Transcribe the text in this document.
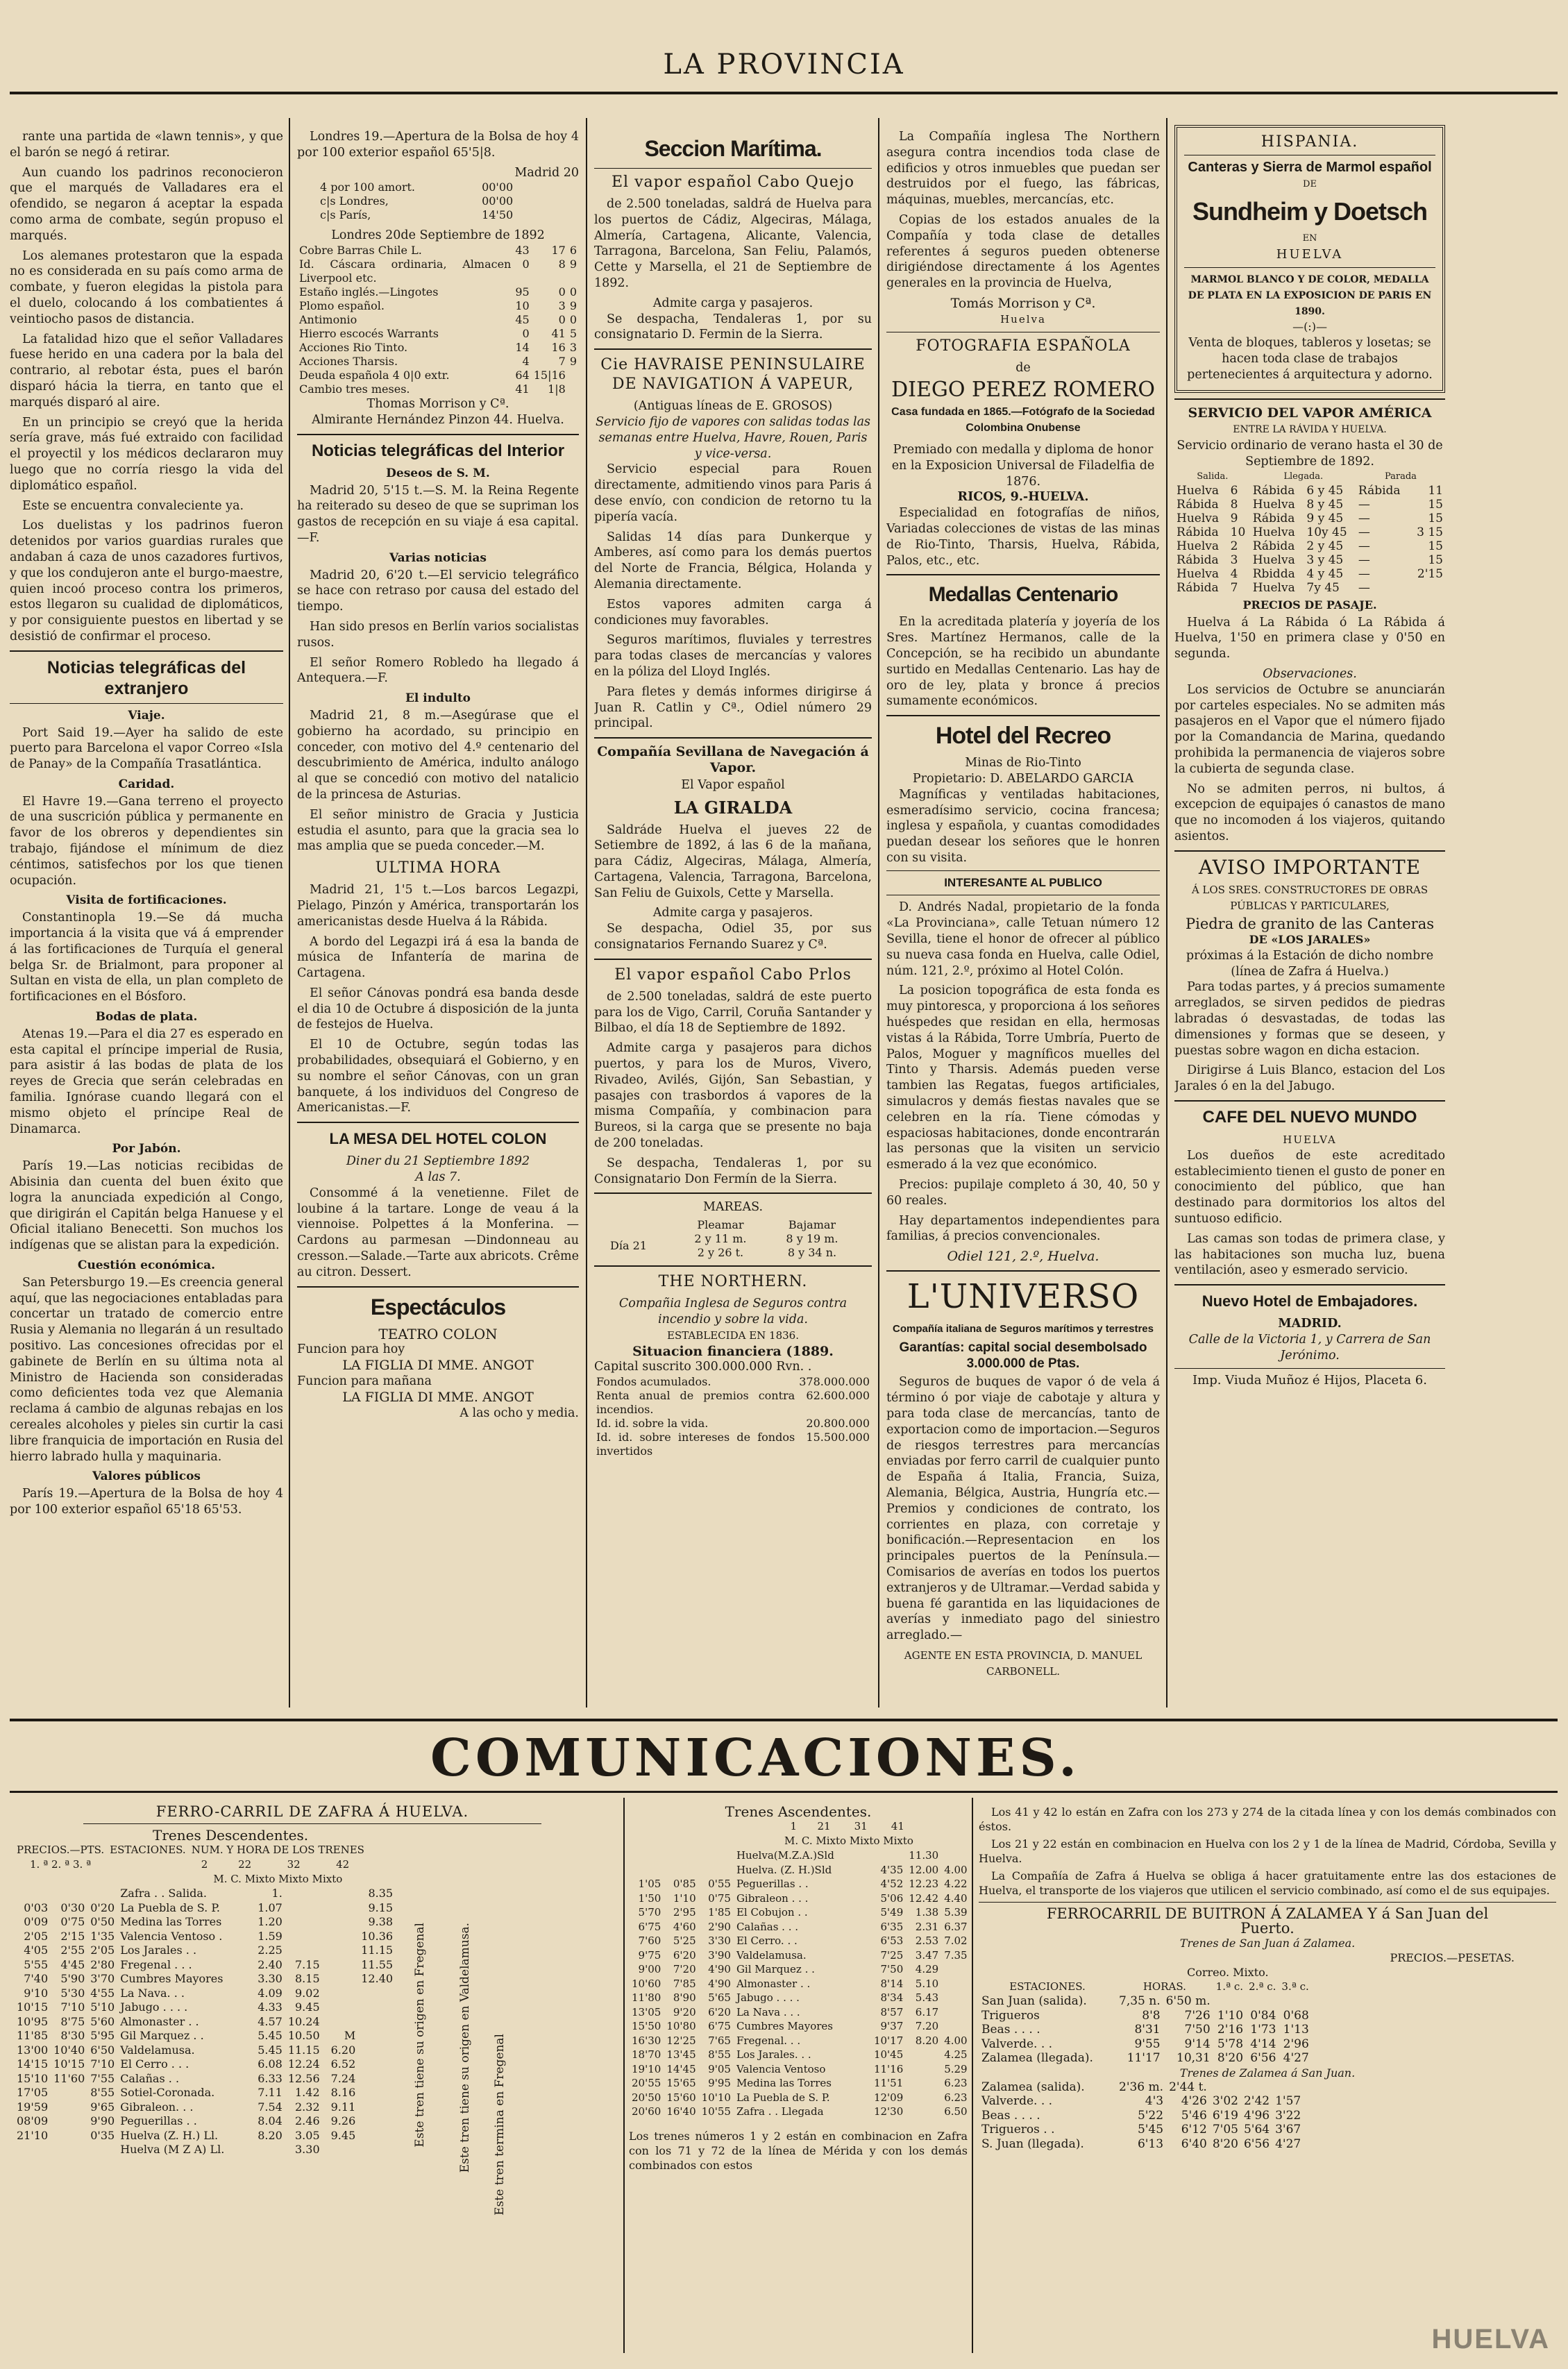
LA PROVINCIA

rante una partida de «lawn tennis», y que el barón se negó á retirar.

Aun cuando los padrinos reconocieron que el marqués de Valladares era el ofendido, se negaron á aceptar la espada como arma de combate, según propuso el marqués.

Los alemanes protestaron que la espada no es considerada en su país como arma de combate, y fueron elegidas la pistola para el duelo, colocando á los combatientes á veintiocho pasos de distancia.

La fatalidad hizo que el señor Valladares fuese herido en una cadera por la bala del contrario, al rebotar ésta, pues el barón disparó hácia la tierra, en tanto que el marqués disparó al aire.

En un principio se creyó que la herida sería grave, más fué extraido con facilidad el proyectil y los médicos declararon muy luego que no corría riesgo la vida del diplomático español.

Este se encuentra convaleciente ya.

Los duelistas y los padrinos fueron detenidos por varios guardias rurales que andaban á caza de unos cazadores furtivos, y que los condujeron ante el burgo-maestre, quien incoó proceso contra los primeros, estos llegaron su cualidad de diplomáticos, y por consiguiente puestos en libertad y se desistió de confirmar el proceso.

Noticias telegráficas del extranjero
Viaje.

Port Said 19.—Ayer ha salido de este puerto para Barcelona el vapor Correo «Isla de Panay» de la Compañía Trasatlántica.

Caridad.

El Havre 19.—Gana terreno el proyecto de una suscrición pública y permanente en favor de los obreros y dependientes sin trabajo, fijándose el mínimum de diez céntimos, satisfechos por los que tienen ocupación.

Visita de fortificaciones.

Constantinopla 19.—Se dá mucha importancia á la visita que vá á emprender á las fortificaciones de Turquía el general belga Sr. de Brialmont, para proponer al Sultan en vista de ella, un plan completo de fortificaciones en el Bósforo.

Bodas de plata.

Atenas 19.—Para el dia 27 es esperado en esta capital el príncipe imperial de Rusia, para asistir á las bodas de plata de los reyes de Grecia que serán celebradas en familia. Ignórase cuando llegará con el mismo objeto el príncipe Real de Dinamarca.

Por Jabón.

París 19.—Las noticias recibidas de Abisinia dan cuenta del buen éxito que logra la anunciada expedición al Congo, que dirigirán el Capitán belga Hanuese y el Oficial italiano Benecetti. Son muchos los indígenas que se alistan para la expedición.

Cuestión económica.

San Petersburgo 19.—Es creencia general aquí, que las negociaciones entabladas para concertar un tratado de comercio entre Rusia y Alemania no llegarán á un resultado positivo. Las concesiones ofrecidas por el gabinete de Berlín en su última nota al Ministro de Hacienda son consideradas como deficientes toda vez que Alemania reclama á cambio de algunas rebajas en los cereales alcoholes y pieles sin curtir la casi libre franquicia de importación en Rusia del hierro labrado hulla y maquinaria.

Valores públicos

París 19.—Apertura de la Bolsa de hoy 4 por 100 exterior español 65'18 65'53.

Londres 19.—Apertura de la Bolsa de hoy 4 por 100 exterior español 65'5|8.

Madrid 20
4 por 100 amort.	00'00
c|s Londres,	00'00
c|s París,	14'50
Londres 20de Septiembre de 1892
Cobre Barras Chile L.	43	17	6
Id. Cáscara ordinaria, Almacen Liverpool etc.	0	8	9
Estaño inglés.—Lingotes	95	0	0
Plomo español.	10	3	9
Antimonio	45	0	0
Hierro escocés Warrants	0	41	5
Acciones Rio Tinto.	14	16	3
Acciones Tharsis.	4	7	9
Deuda española 4 0|0 extr.	64	15|16	
Cambio tres meses.	41	1|8	
Thomas Morrison y Cª.
Almirante Hernández Pinzon 44. Huelva.
Noticias telegráficas del Interior
Deseos de S. M.

Madrid 20, 5'15 t.—S. M. la Reina Regente ha reiterado su deseo de que se supriman los gastos de recepción en su viaje á esa capital.—F.

Varias noticias

Madrid 20, 6'20 t.—El servicio telegráfico se hace con retraso por causa del estado del tiempo.

Han sido presos en Berlín varios socialistas rusos.

El señor Romero Robledo ha llegado á Antequera.—F.

El indulto

Madrid 21, 8 m.—Asegúrase que el gobierno ha acordado, su principio en conceder, con motivo del 4.º centenario del descubrimiento de América, indulto análogo al que se concedió con motivo del natalicio de la princesa de Asturias.

El señor ministro de Gracia y Justicia estudia el asunto, para que la gracia sea lo mas amplia que se pueda conceder.—M.

ULTIMA HORA

Madrid 21, 1'5 t.—Los barcos Legazpi, Pielago, Pinzón y América, transportarán los americanistas desde Huelva á la Rábida.

A bordo del Legazpi irá á esa la banda de música de Infantería de marina de Cartagena.

El señor Cánovas pondrá esa banda desde el dia 10 de Octubre á disposición de la junta de festejos de Huelva.

El 10 de Octubre, según todas las probabilidades, obsequiará el Gobierno, y en su nombre el señor Cánovas, con un gran banquete, á los individuos del Congreso de Americanistas.—F.

LA MESA DEL HOTEL COLON
Diner du 21 Septiembre 1892
A las 7.

Consommé á la venetienne. Filet de loubine á la tartare. Longe de veau á la viennoise. Polpettes á la Monferina. —Cardons au parmesan —Dindonneau au cresson.—Salade.—Tarte aux abricots. Crême au citron. Dessert.

Espectáculos
TEATRO COLON
Funcion para hoy
LA FIGLIA DI MME. ANGOT
Funcion para mañana
LA FIGLIA DI MME. ANGOT
A las ocho y media.
Seccion Marítima.
El vapor español Cabo Quejo

de 2.500 toneladas, saldrá de Huelva para los puertos de Cádiz, Algeciras, Málaga, Almería, Cartagena, Alicante, Valencia, Tarragona, Barcelona, San Feliu, Palamós, Cette y Marsella, el 21 de Septiembre de 1892.

Admite carga y pasajeros.

Se despacha, Tendaleras 1, por su consignatario D. Fermin de la Sierra.

Cie HAVRAISE PENINSULAIRE DE NAVIGATION Á VAPEUR,
(Antiguas líneas de E. GROSOS)
Servicio fijo de vapores con salidas todas las semanas entre Huelva, Havre, Rouen, Paris y vice-versa.

Servicio especial para Rouen directamente, admitiendo vinos para Paris á dese envío, con condicion de retorno tu la pipería vacía.

Salidas 14 días para Dunkerque y Amberes, así como para los demás puertos del Norte de Francia, Bélgica, Holanda y Alemania directamente.

Estos vapores admiten carga á condiciones muy favorables.

Seguros marítimos, fluviales y terrestres para todas clases de mercancías y valores en la póliza del Lloyd Inglés.

Para fletes y demás informes dirigirse á Juan R. Catlin y Cª., Odiel número 29 principal.

Compañía Sevillana de Navegación á Vapor.
El Vapor español
LA GIRALDA

Saldráde Huelva el jueves 22 de Setiembre de 1892, á las 6 de la mañana, para Cádiz, Algeciras, Málaga, Almería, Cartagena, Valencia, Tarragona, Barcelona, San Feliu de Guixols, Cette y Marsella.

Admite carga y pasajeros.

Se despacha, Odiel 35, por sus consignatarios Fernando Suarez y Cª.

El vapor español Cabo Prlos

de 2.500 toneladas, saldrá de este puerto para los de Vigo, Carril, Coruña Santander y Bilbao, el día 18 de Septiembre de 1892.

Admite carga y pasajeros para dichos puertos, y para los de Muros, Vivero, Rivadeo, Avilés, Gijón, San Sebastian, y pasajes con trasbordos á vapores de la misma Compañía, y combinacion para Bureos, si la carga que se presente no baja de 200 toneladas.

Se despacha, Tendaleras 1, por su Consignatario Don Fermín de la Sierra.

MAREAS.
	Pleamar	Bajamar
Día 21	2 y 11 m.	8 y 19 m.
	2 y 26 t.	8 y 34 n.
THE NORTHERN.
Compañia Inglesa de Seguros contra incendio y sobre la vida.
ESTABLECIDA EN 1836.
Situacion financiera (1889.
Capital suscrito 300.000.000 Rvn. .
Fondos acumulados.	378.000.000
Renta anual de premios contra incendios.	62.600.000
Id. id. sobre la vida.	20.800.000
Id. id. sobre intereses de fondos invertidos	15.500.000

La Compañía inglesa The Northern asegura contra incendios toda clase de edificios y otros inmuebles que puedan ser destruidos por el fuego, las fábricas, máquinas, muebles, mercancías, etc.

Copias de los estados anuales de la Compañía y toda clase de detalles referentes á seguros pueden obtenerse dirigiéndose directamente á los Agentes generales en la provincia de Huelva,

Tomás Morrison y Cª.
Huelva
FOTOGRAFIA ESPAÑOLA
de
DIEGO PEREZ ROMERO
Casa fundada en 1865.—Fotógrafo de la Sociedad Colombina Onubense
Premiado con medalla y diploma de honor en la Exposicion Universal de Filadelfia de 1876.
RICOS, 9.-HUELVA.

Especialidad en fotografías de niños, Variadas colecciones de vistas de las minas de Rio-Tinto, Tharsis, Huelva, Rábida, Palos, etc., etc.

Medallas Centenario

En la acreditada platería y joyería de los Sres. Martínez Hermanos, calle de la Concepción, se ha recibido un abundante surtido en Medallas Centenario. Las hay de oro de ley, plata y bronce á precios sumamente económicos.

Hotel del Recreo
Minas de Rio-Tinto
Propietario: D. ABELARDO GARCIA

Magníficas y ventiladas habitaciones, esmeradísimo servicio, cocina francesa; inglesa y española, y cuantas comodidades puedan desear los señores que le honren con su visita.

INTERESANTE AL PUBLICO

D. Andrés Nadal, propietario de la fonda «La Provinciana», calle Tetuan número 12 Sevilla, tiene el honor de ofrecer al público su nueva casa fonda en Huelva, calle Odiel, núm. 121, 2.º, próximo al Hotel Colón.

La posicion topográfica de esta fonda es muy pintoresca, y proporciona á los señores huéspedes que residan en ella, hermosas vistas á la Rábida, Torre Umbría, Puerto de Palos, Moguer y magníficos muelles del Tinto y Tharsis. Además pueden verse tambien las Regatas, fuegos artificiales, simulacros y demás fiestas navales que se celebren en la ría. Tiene cómodas y espaciosas habitaciones, donde encontrarán las personas que la visiten un servicio esmerado á la vez que económico.

Precios: pupilaje completo á 30, 40, 50 y 60 reales.

Hay departamentos independientes para familias, á precios convencionales.

Odiel 121, 2.º, Huelva.
L'UNIVERSO
Compañía italiana de Seguros marítimos y terrestres
Garantías: capital social desembolsado 3.000.000 de Ptas.

Seguros de buques de vapor ó de vela á término ó por viaje de cabotaje y altura y para toda clase de mercancías, tanto de exportacion como de importacion.—Seguros de riesgos terrestres para mercancías enviadas por ferro carril de cualquier punto de España á Italia, Francia, Suiza, Alemania, Bélgica, Austria, Hungría etc.—Premios y condiciones de contrato, los corrientes en plaza, con corretaje y bonificación.—Representacion en los principales puertos de la Península.—Comisarios de averías en todos los puertos extranjeros y de Ultramar.—Verdad sabida y buena fé garantida en las liquidaciones de averías y inmediato pago del siniestro arreglado.—

AGENTE EN ESTA PROVINCIA, D. MANUEL CARBONELL.
HISPANIA.
Canteras y Sierra de Marmol español
DE
Sundheim y Doetsch
EN
HUELVA
MARMOL BLANCO Y DE COLOR, MEDALLA DE PLATA EN LA EXPOSICION DE PARIS EN 1890.
—(:)—
Venta de bloques, tableros y losetas; se hacen toda clase de trabajos pertenecientes á arquitectura y adorno.
SERVICIO DEL VAPOR AMÉRICA
ENTRE LA RÁVIDA Y HUELVA.
Servicio ordinario de verano hasta el 30 de Septiembre de 1892.
Salida.		Llegada.		Parada	
Huelva	6	Rábida	6 y 45	Rábida	11
Rábida	8	Huelva	8 y 45	—	15
Huelva	9	Rábida	9 y 45	—	15
Rábida	10	Huelva	10y 45	—	3 15
Huelva	2	Rábida	2 y 45	—	15
Rábida	3	Huelva	3 y 45	—	15
Huelva	4	Rbidda	4 y 45	—	2'15
Rábida	7	Huelva	7y 45	—	
PRECIOS DE PASAJE.

Huelva á La Rábida ó La Rábida á Huelva, 1'50 en primera clase y 0'50 en segunda.

Observaciones.

Los servicios de Octubre se anunciarán por carteles especiales. No se admiten más pasajeros en el Vapor que el número fijado por la Comandancia de Marina, quedando prohibida la permanencia de viajeros sobre la cubierta de segunda clase.

No se admiten perros, ni bultos, á excepcion de equipajes ó canastos de mano que no incomoden á los viajeros, quitando asientos.

AVISO IMPORTANTE
Á LOS SRES. CONSTRUCTORES DE OBRAS PÚBLICAS Y PARTICULARES,
Piedra de granito de las Canteras
DE «LOS JARALES»
próximas á la Estación de dicho nombre (línea de Zafra á Huelva.)

Para todas partes, y á precios sumamente arreglados, se sirven pedidos de piedras labradas ó desvastadas, de todas las dimensiones y formas que se deseen, y puestas sobre wagon en dicha estacion.

Dirigirse á Luis Blanco, estacion del Los Jarales ó en la del Jabugo.

CAFE DEL NUEVO MUNDO
HUELVA

Los dueños de este acreditado establecimiento tienen el gusto de poner en conocimiento del público, que han destinado para dormitorios los altos del suntuoso edificio.

Las camas son todas de primera clase, y las habitaciones son mucha luz, buena ventilación, aseo y esmerado servicio.

Nuevo Hotel de Embajadores.
MADRID.
Calle de la Victoria 1, y Carrera de San Jerónimo.
Imp. Viuda Muñoz é Hijos, Placeta 6.
COMUNICACIONES.
FERRO-CARRIL DE ZAFRA Á HUELVA.
Trenes Descendentes.
PRECIOS.—PTS.	ESTACIONES.	NUM. Y HORA DE LOS TRENES			
1. ª 2. ª 3. ª		2	22	32	42
		M. C. Mixto Mixto Mixto			
			Zafra . . Salida.	1.				8.35
0'03	0'30	0'20	La Puebla de S. P.	1.07				9.15
0'09	0'75	0'50	Medina las Torres	1.20				9.38
2'05	2'15	1'35	Valencia Ventoso .	1.59				10.36
4'05	2'55	2'05	Los Jarales . .	2.25				11.15
5'55	4'45	2'80	Fregenal . . .	2.40	7.15			11.55
7'40	5'90	3'70	Cumbres Mayores	3.30	8.15			12.40
9'10	5'30	4'55	La Nava. . .	4.09	9.02			
10'15	7'10	5'10	Jabugo . . . .	4.33	9.45			
10'95	8'75	5'60	Almonaster . .	4.57	10.24			
11'85	8'30	5'95	Gil Marquez . .	5.45	10.50		M	
13'00	10'40	6'50	Valdelamusa.	5.45	11.15		6.20	
14'15	10'15	7'10	El Cerro . . .	6.08	12.24		6.52	
15'10	11'60	7'55	Calañas . .	6.33	12.56		7.24	
17'05		8'55	Sotiel-Coronada.	7.11	1.42		8.16	
19'59		9'65	Gibraleon. . .	7.54	2.32		9.11	
08'09		9'90	Peguerillas . .	8.04	2.46		9.26	
21'10		0'35	Huelva (Z. H.) Ll.	8.20	3.05		9.45	
			Huelva (M Z A) Ll.		3.30			
Este tren tiene su origen en Fregenal	Este tren tiene su origen en Valdelamusa. Este tren termina en Fregenal
Trenes Ascendentes.
1	21	31	41
M. C. Mixto Mixto Mixto
			Huelva(M.Z.A.)Sld		11.30		
			Huelva. (Z. H.)Sld	4'35	12.00	4.00	
1'05	0'85	0'55	Peguerillas . .	4'52	12.23	4.22	
1'50	1'10	0'75	Gibraleon . . .	5'06	12.42	4.40	
5'70	2'95	1'85	El Cobujon . .	5'49	1.38	5.39	
6'75	4'60	2'90	Calañas . . .	6'35	2.31	6.37	
7'60	5'25	3'30	El Cerro. . .	6'53	2.53	7.02	
9'75	6'20	3'90	Valdelamusa.	7'25	3.47	7.35	
9'00	7'20	4'90	Gil Marquez . .	7'50	4.29		
10'60	7'85	4'90	Almonaster . .	8'14	5.10		
11'80	8'90	5'65	Jabugo . . . .	8'34	5.43		
13'05	9'20	6'20	La Nava . . .	8'57	6.17		
15'50	10'80	6'75	Cumbres Mayores	9'37	7.20		
16'30	12'25	7'65	Fregenal. . .	10'17	8.20	4.00	
18'70	13'45	8'55	Los Jarales. . .	10'45		4.25	
19'10	14'45	9'05	Valencia Ventoso	11'16		5.29	
20'55	15'65	9'95	Medina las Torres	11'51		6.23	
20'50	15'60	10'10	La Puebla de S. P.	12'09		6.23	
20'60	16'40	10'55	Zafra . . Llegada	12'30		6.50	
Los trenes números 1 y 2 están en combinacion en Zafra con los 71 y 72 de la línea de Mérida y con los demás combinados con estos

Los 41 y 42 lo están en Zafra con los 273 y 274 de la citada línea y con los demás combinados con éstos.

Los 21 y 22 están en combinacion en Huelva con los 2 y 1 de la línea de Madrid, Córdoba, Sevilla y Huelva.

La Compañía de Zafra á Huelva se obliga á hacer gratuitamente entre las dos estaciones de Huelva, el transporte de los viajeros que utilicen el servicio combinado, así como el de sus equipajes.

FERROCARRIL DE BUITRON Á ZALAMEA Y á San Juan del Puerto.
Trenes de San Juan á Zalamea.
PRECIOS.—PESETAS.
Correo. Mixto.
ESTACIONES.	HORAS.		1.ª c.	2.ª c.	3.ª c.
San Juan (salida).	7,35 n.	6'50 m.			
Trigueros	8'8	7'26	1'10	0'84	0'68
Beas . . . .	8'31	7'50	2'16	1'73	1'13
Valverde. . .	9'55	9'14	5'78	4'14	2'96
Zalamea (llegada).	11'17	10,31	8'20	6'56	4'27
Trenes de Zalamea á San Juan.
Zalamea (salida).	2'36 m.	2'44 t.			
Valverde. . .	4'3	4'26	3'02	2'42	1'57
Beas . . . .	5'22	5'46	6'19	4'96	3'22
Trigueros . .	5'45	6'12	7'05	5'64	3'67
S. Juan (llegada).	6'13	6'40	8'20	6'56	4'27
HUELVA
